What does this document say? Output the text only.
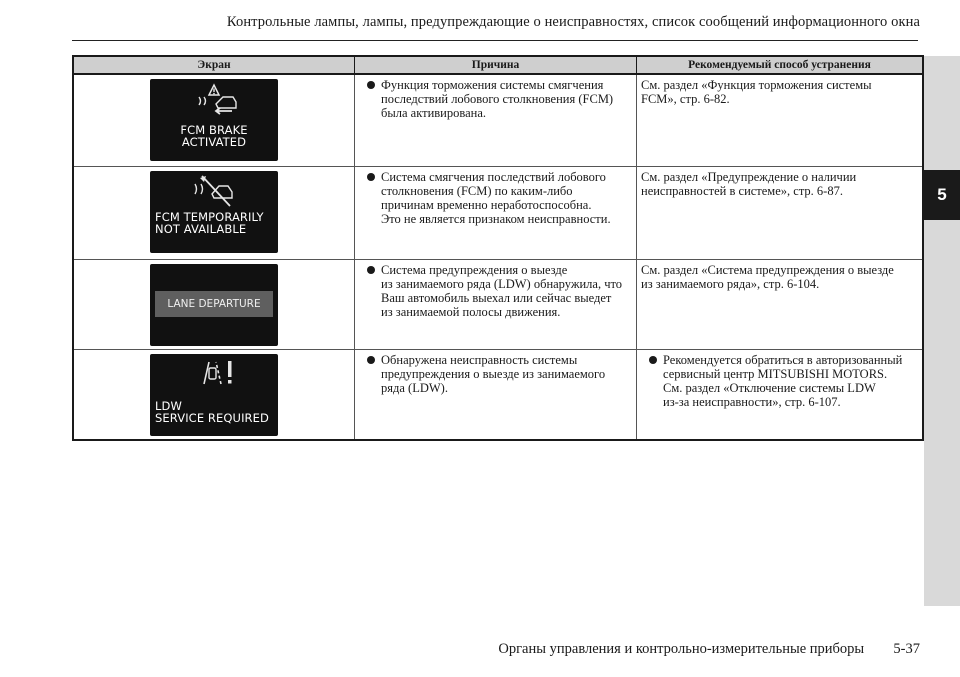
Контрольные лампы, лампы, предупреждающие о неисправностях, список сообщений информационного окна
5
Экран	Причина	Рекомендуемый способ устранения

FCM BRAKE
ACTIVATED	Функция торможения системы смягчения
последствий лобового столкновения (FCM)
была активирована.	См. раздел «Функция торможения системы
FCM», стр. 6-82.

FCM TEMPORARILY
NOT AVAILABLE	Система смягчения последствий лобового
столкновения (FCM) по каким-либо
причинам временно неработоспособна.
Это не является признаком неисправности.	См. раздел «Предупреждение о наличии
неисправностей в системе», стр. 6-87.

LANE DEPARTURE	Система предупреждения о выезде
из занимаемого ряда (LDW) обнаружила, что
Ваш автомобиль выехал или сейчас выедет
из занимаемой полосы движения.	См. раздел «Система предупреждения о выезде
из занимаемого ряда», стр. 6-104.

LDW
SERVICE REQUIRED	Обнаружена неисправность системы
предупреждения о выезде из занимаемого
ряда (LDW).	Рекомендуется обратиться в авторизованный
сервисный центр MITSUBISHI MOTORS.
См. раздел «Отключение системы LDW
из-за неисправности», стр. 6-107.
Органы управления и контрольно-измерительные приборы 5-37
